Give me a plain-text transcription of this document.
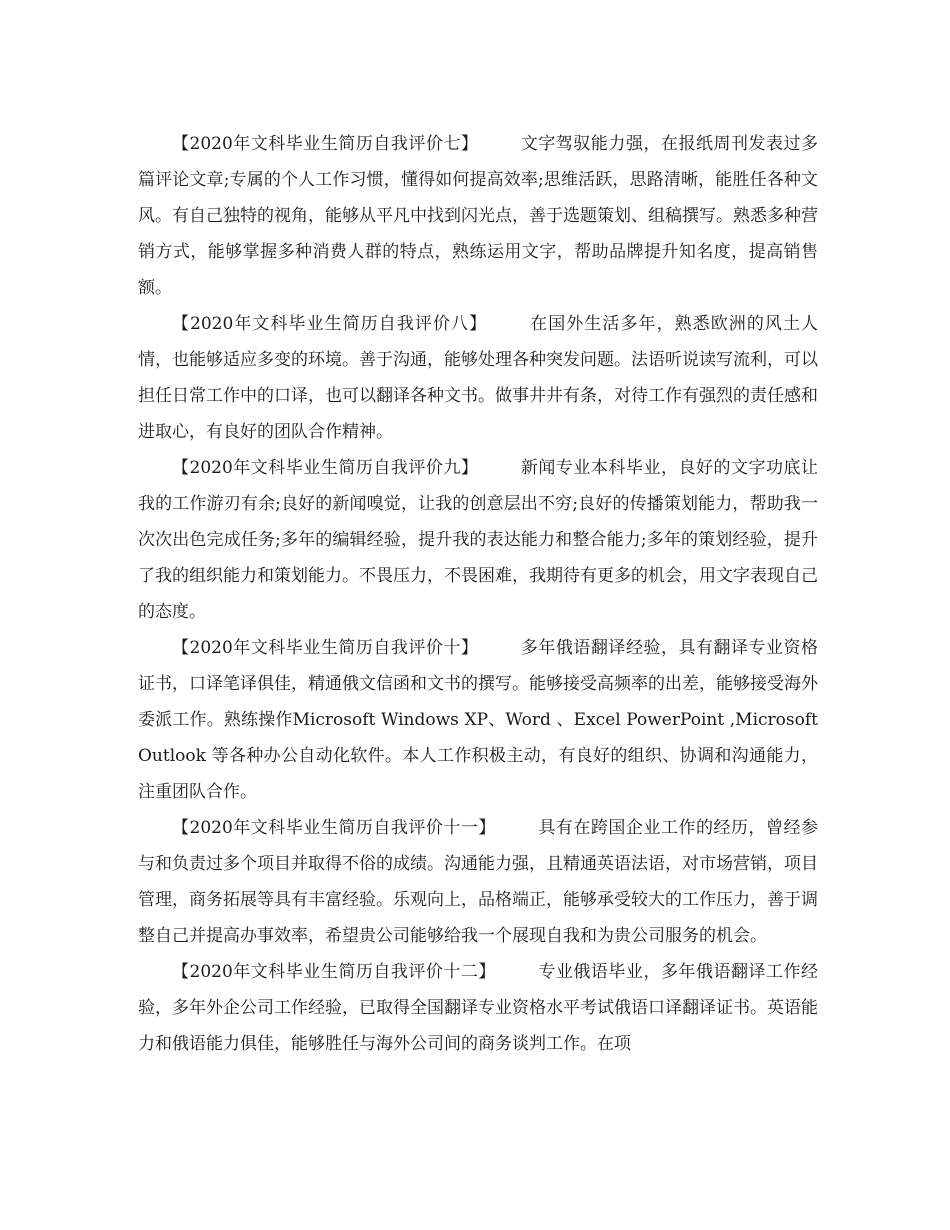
【2020年文科毕业生简历自我评价七】 文字驾驭能力强，在报纸周刊发表过多篇评论文章;专属的个人工作习惯，懂得如何提高效率;思维活跃，思路清晰，能胜任各种文风。有自己独特的视角，能够从平凡中找到闪光点，善于选题策划、组稿撰写。熟悉多种营销方式，能够掌握多种消费人群的特点，熟练运用文字，帮助品牌提升知名度，提高销售额。

【2020年文科毕业生简历自我评价八】 在国外生活多年，熟悉欧洲的风土人情，也能够适应多变的环境。善于沟通，能够处理各种突发问题。法语听说读写流利，可以担任日常工作中的口译，也可以翻译各种文书。做事井井有条，对待工作有强烈的责任感和进取心，有良好的团队合作精神。

【2020年文科毕业生简历自我评价九】 新闻专业本科毕业，良好的文字功底让我的工作游刃有余;良好的新闻嗅觉，让我的创意层出不穷;良好的传播策划能力，帮助我一次次出色完成任务;多年的编辑经验，提升我的表达能力和整合能力;多年的策划经验，提升了我的组织能力和策划能力。不畏压力，不畏困难，我期待有更多的机会，用文字表现自己的态度。

【2020年文科毕业生简历自我评价十】 多年俄语翻译经验，具有翻译专业资格证书，口译笔译俱佳，精通俄文信函和文书的撰写。能够接受高频率的出差，能够接受海外委派工作。熟练操作Microsoft Windows XP、Word 、Excel PowerPoint ,Microsoft Outlook 等各种办公自动化软件。本人工作积极主动，有良好的组织、协调和沟通能力，注重团队合作。

【2020年文科毕业生简历自我评价十一】 具有在跨国企业工作的经历，曾经参与和负责过多个项目并取得不俗的成绩。沟通能力强，且精通英语法语，对市场营销，项目管理，商务拓展等具有丰富经验。乐观向上，品格端正，能够承受较大的工作压力，善于调整自己并提高办事效率，希望贵公司能够给我一个展现自我和为贵公司服务的机会。

【2020年文科毕业生简历自我评价十二】 专业俄语毕业，多年俄语翻译工作经验，多年外企公司工作经验，已取得全国翻译专业资格水平考试俄语口译翻译证书。英语能力和俄语能力俱佳，能够胜任与海外公司间的商务谈判工作。在项
